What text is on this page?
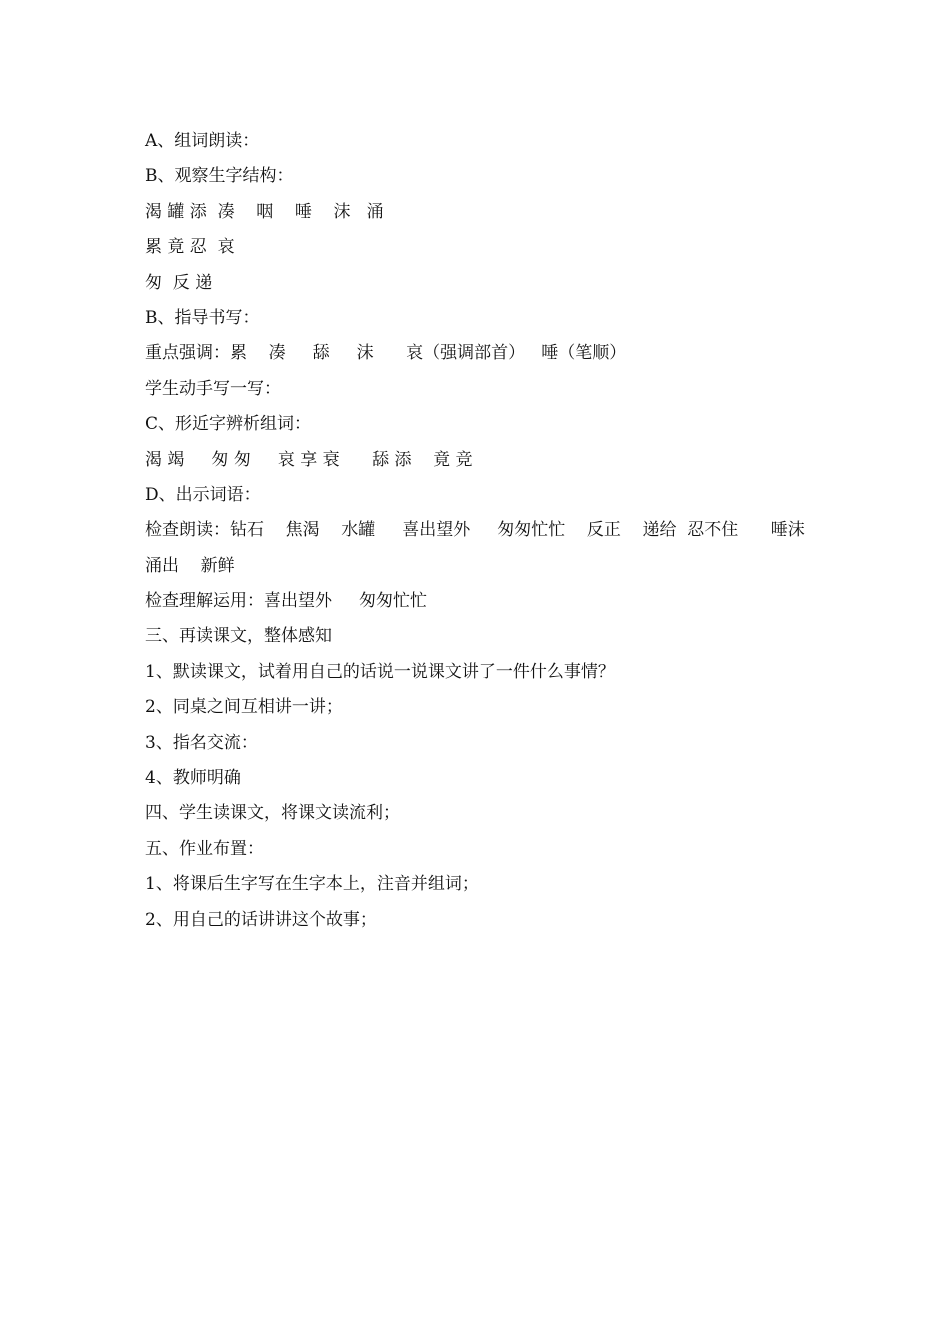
A、组词朗读：
B、观察生字结构：
渴 罐 添  凑    咽    唾    沫   涌
累 竟 忍  哀
匆  反 递
B、指导书写：
重点强调：累    凑     舔     沫      哀（强调部首）   唾（笔顺）
学生动手写一写：
C、形近字辨析组词：
渴 竭     匆 匆     哀 享 衰      舔 添    竟 竞
D、出示词语：
检查朗读：钻石    焦渴    水罐     喜出望外     匆匆忙忙    反正    递给  忍不住      唾沫
涌出    新鲜
检查理解运用：喜出望外     匆匆忙忙
三、再读课文，整体感知
1、默读课文，试着用自己的话说一说课文讲了一件什么事情？
2、同桌之间互相讲一讲；
3、指名交流：
4、教师明确
四、学生读课文，将课文读流利；
五、作业布置：
1、将课后生字写在生字本上，注音并组词；
2、用自己的话讲讲这个故事；
